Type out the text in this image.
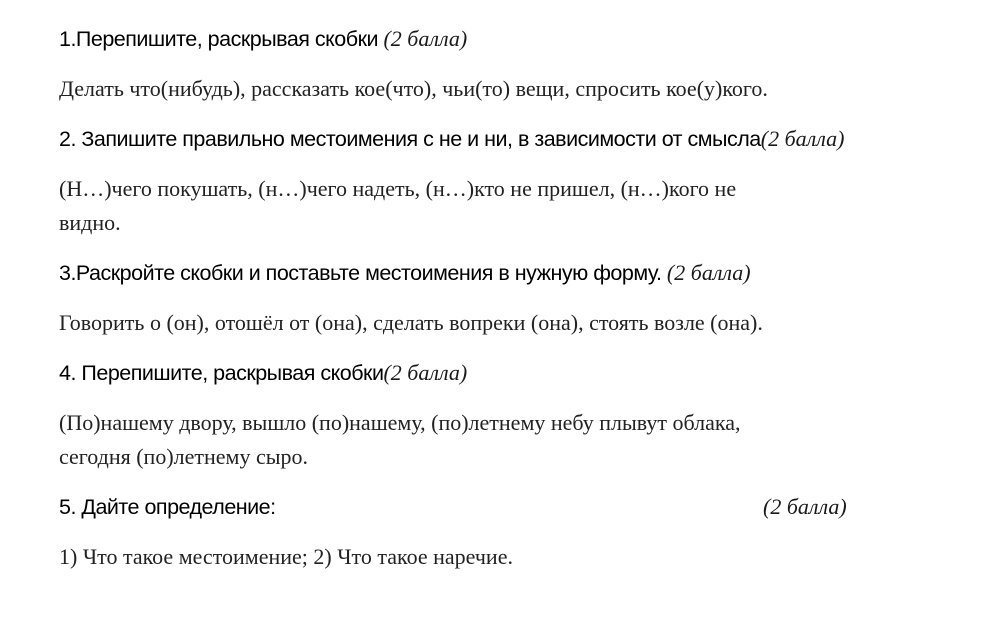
1.Перепишите, раскрывая скобки (2 балла)

Делать что(нибудь), рассказать кое(что), чьи(то) вещи, спросить кое(у)кого.

2. Запишите правильно местоимения с не и ни, в зависимости от смысла(2 балла)

(Н…)чего покушать, (н…)чего надеть, (н…)кто не пришел, (н…)кого не
видно.

3.Раскройте скобки и поставьте местоимения в нужную форму. (2 балла)

Говорить о (он), отошёл от (она), сделать вопреки (она), стоять возле (она).

4. Перепишите, раскрывая скобки(2 балла)

(По)нашему двору, вышло (по)нашему, (по)летнему небу плывут облака,
сегодня (по)летнему сыро.

5. Дайте определение:	(2 балла)

1) Что такое местоимение; 2) Что такое наречие.
